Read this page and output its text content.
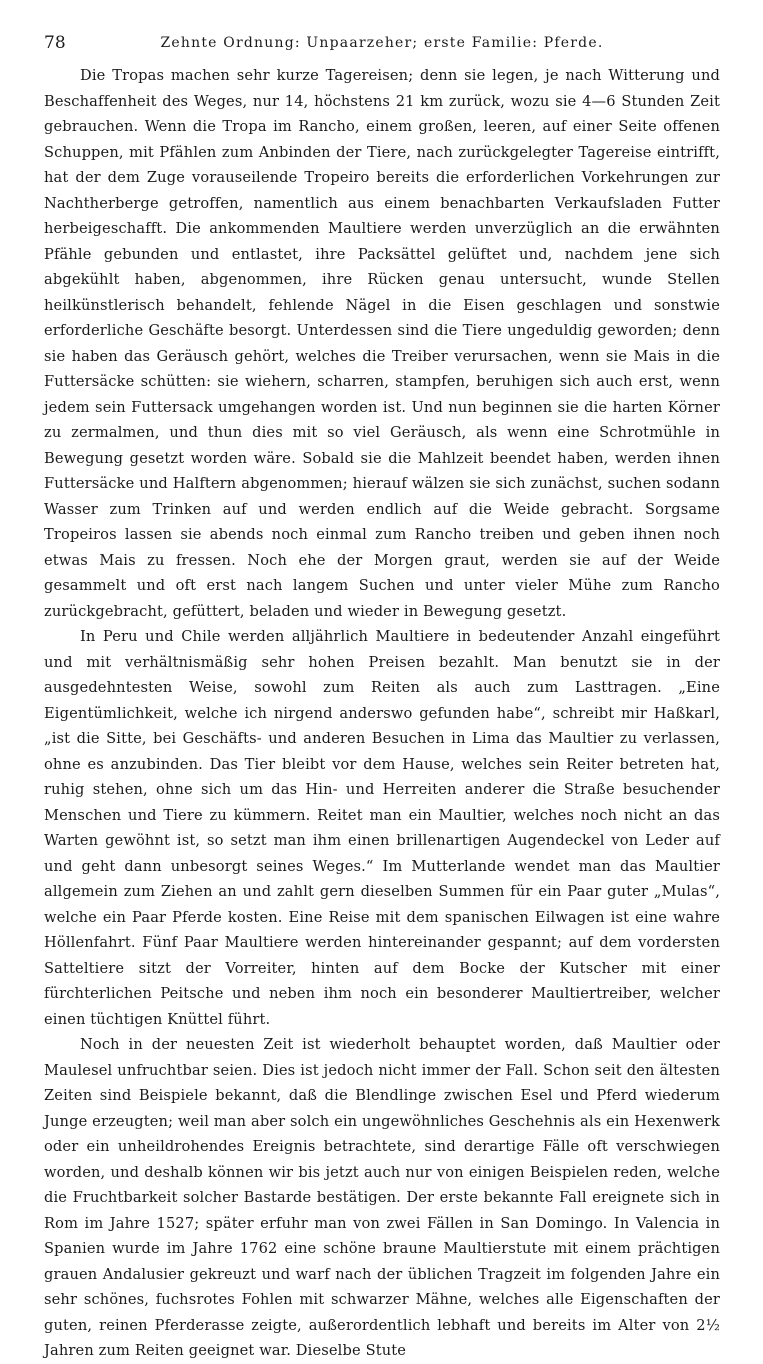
78	Zehnte Ordnung: Unpaarzeher; erste Familie: Pferde.

Die Tropas machen sehr kurze Tagereisen; denn sie legen, je nach Witterung und Beschaffenheit des Weges, nur 14, höchstens 21 km zurück, wozu sie 4—6 Stunden Zeit gebrauchen. Wenn die Tropa im Rancho, einem großen, leeren, auf einer Seite offenen Schuppen, mit Pfählen zum Anbinden der Tiere, nach zurückgelegter Tagereise eintrifft, hat der dem Zuge vorauseilende Tropeiro bereits die erforderlichen Vorkehrungen zur Nachtherberge getroffen, namentlich aus einem benachbarten Verkaufsladen Futter herbeigeschafft. Die ankommenden Maultiere werden unverzüglich an die erwähnten Pfähle gebunden und entlastet, ihre Packsättel gelüftet und, nachdem jene sich abgekühlt haben, abgenommen, ihre Rücken genau untersucht, wunde Stellen heilkünstlerisch behandelt, fehlende Nägel in die Eisen geschlagen und sonstwie erforderliche Geschäfte besorgt. Unterdessen sind die Tiere ungeduldig geworden; denn sie haben das Geräusch gehört, welches die Treiber verursachen, wenn sie Mais in die Futtersäcke schütten: sie wiehern, scharren, stampfen, beruhigen sich auch erst, wenn jedem sein Futtersack umgehangen worden ist. Und nun beginnen sie die harten Körner zu zermalmen, und thun dies mit so viel Geräusch, als wenn eine Schrotmühle in Bewegung gesetzt worden wäre. Sobald sie die Mahlzeit beendet haben, werden ihnen Futtersäcke und Halftern abgenommen; hierauf wälzen sie sich zunächst, suchen sodann Wasser zum Trinken auf und werden endlich auf die Weide gebracht. Sorgsame Tropeiros lassen sie abends noch einmal zum Rancho treiben und geben ihnen noch etwas Mais zu fressen. Noch ehe der Morgen graut, werden sie auf der Weide gesammelt und oft erst nach langem Suchen und unter vieler Mühe zum Rancho zurückgebracht, gefüttert, beladen und wieder in Bewegung gesetzt.

In Peru und Chile werden alljährlich Maultiere in bedeutender Anzahl eingeführt und mit verhältnismäßig sehr hohen Preisen bezahlt. Man benutzt sie in der ausgedehntesten Weise, sowohl zum Reiten als auch zum Lasttragen. „Eine Eigentümlichkeit, welche ich nirgend anderswo gefunden habe“, schreibt mir Haßkarl, „ist die Sitte, bei Geschäfts- und anderen Besuchen in Lima das Maultier zu verlassen, ohne es anzubinden. Das Tier bleibt vor dem Hause, welches sein Reiter betreten hat, ruhig stehen, ohne sich um das Hin- und Herreiten anderer die Straße besuchender Menschen und Tiere zu kümmern. Reitet man ein Maultier, welches noch nicht an das Warten gewöhnt ist, so setzt man ihm einen brillenartigen Augendeckel von Leder auf und geht dann unbesorgt seines Weges.“ Im Mutterlande wendet man das Maultier allgemein zum Ziehen an und zahlt gern dieselben Summen für ein Paar guter „Mulas“, welche ein Paar Pferde kosten. Eine Reise mit dem spanischen Eilwagen ist eine wahre Höllenfahrt. Fünf Paar Maultiere werden hintereinander gespannt; auf dem vordersten Satteltiere sitzt der Vorreiter, hinten auf dem Bocke der Kutscher mit einer fürchterlichen Peitsche und neben ihm noch ein besonderer Maultiertreiber, welcher einen tüchtigen Knüttel führt.

Noch in der neuesten Zeit ist wiederholt behauptet worden, daß Maultier oder Maulesel unfruchtbar seien. Dies ist jedoch nicht immer der Fall. Schon seit den ältesten Zeiten sind Beispiele bekannt, daß die Blendlinge zwischen Esel und Pferd wiederum Junge erzeugten; weil man aber solch ein ungewöhnliches Geschehnis als ein Hexenwerk oder ein unheildrohendes Ereignis betrachtete, sind derartige Fälle oft verschwiegen worden, und deshalb können wir bis jetzt auch nur von einigen Beispielen reden, welche die Fruchtbarkeit solcher Bastarde bestätigen. Der erste bekannte Fall ereignete sich in Rom im Jahre 1527; später erfuhr man von zwei Fällen in San Domingo. In Valencia in Spanien wurde im Jahre 1762 eine schöne braune Maultierstute mit einem prächtigen grauen Andalusier gekreuzt und warf nach der üblichen Tragzeit im folgenden Jahre ein sehr schönes, fuchsrotes Fohlen mit schwarzer Mähne, welches alle Eigenschaften der guten, reinen Pferderasse zeigte, außerordentlich lebhaft und bereits im Alter von 2½ Jahren zum Reiten geeignet war. Dieselbe Stute
